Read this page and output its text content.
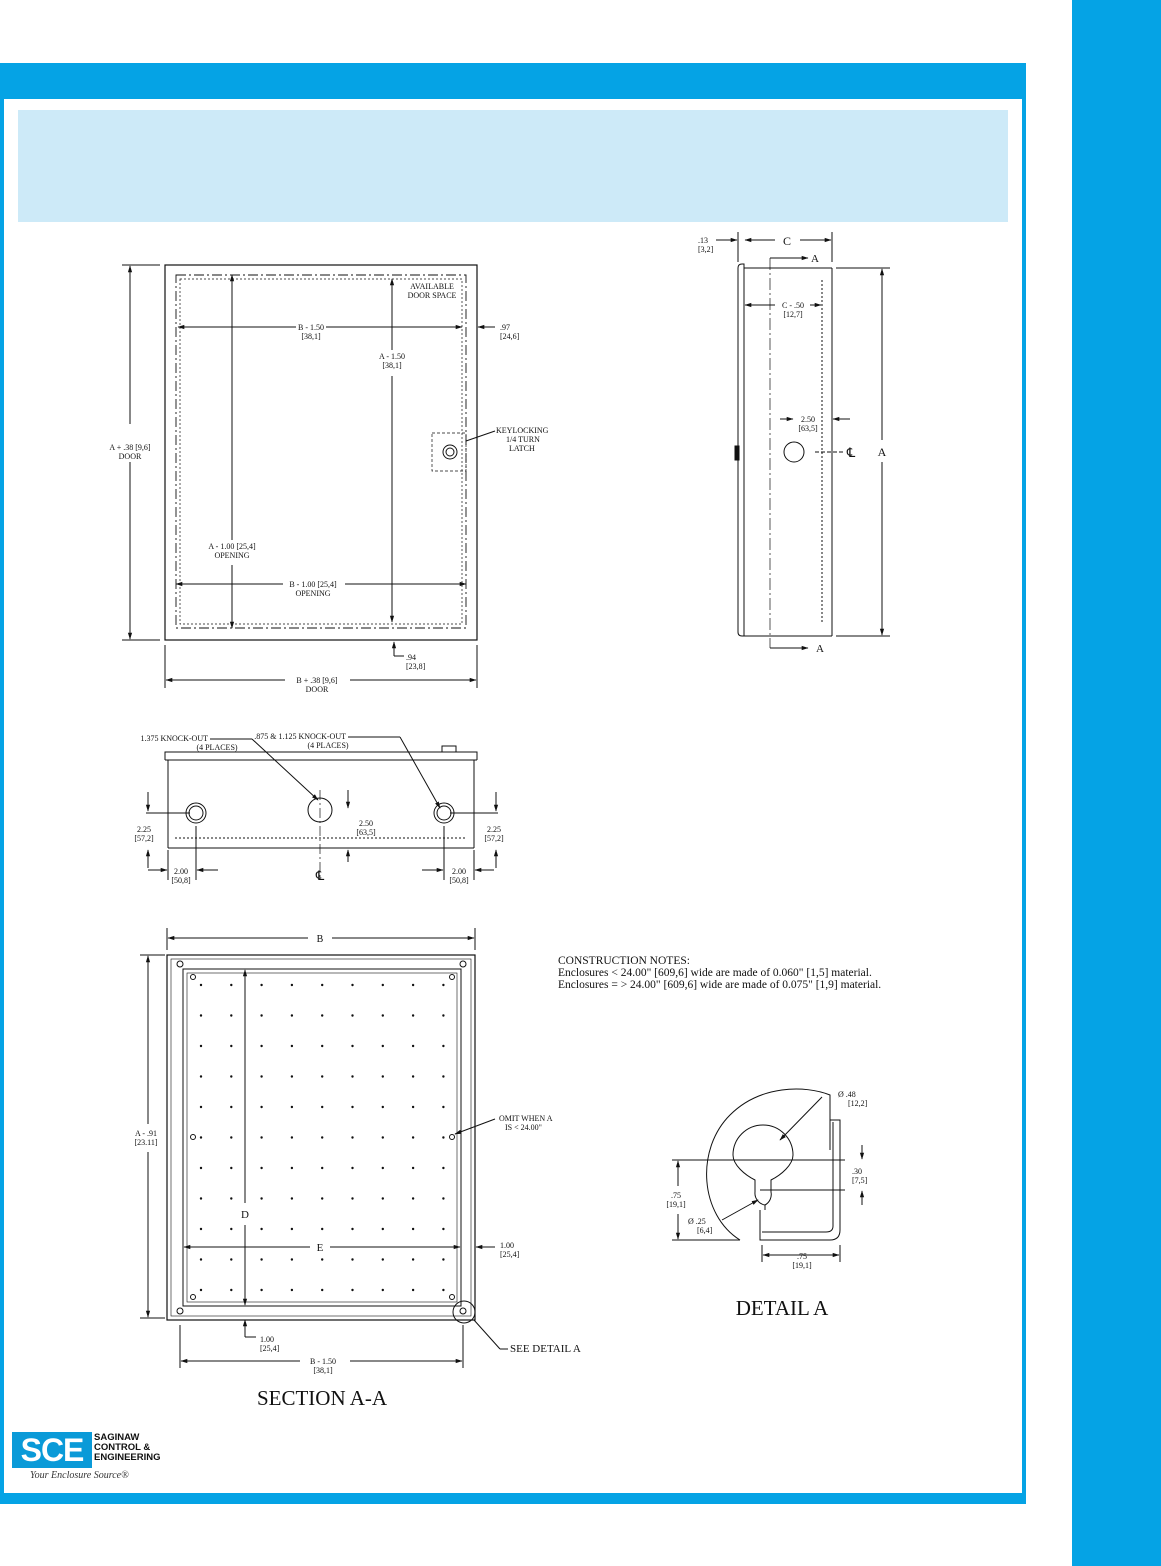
AVAILABLE
DOOR SPACE
B - 1.50
[38,1]
.97
[24,6]
A - 1.50
[38,1]
KEYLOCKING
1/4 TURN
LATCH
A + .38 [9,6]
DOOR
A - 1.00 [25,4]
OPENING
B - 1.00 [25,4]
OPENING
.94
[23,8]
B + .38 [9,6]
DOOR
.13
[3,2]
C
A
C - .50
[12,7]
2.50
[63,5]
℄ A
A
1.375 KNOCK-OUT
(4 PLACES)
.875 & 1.125 KNOCK-OUT
(4 PLACES)
2.25
[57,2]
2.50
[63,5]	2.25
[57,2]
2.00
[50,8]	℄	2.00
[50,8]
B
A - .91
[23.11]
OMIT WHEN A
IS < 24.00"
D
E	1.00
[25,4]
1.00
[25,4]
B - 1.50
[38,1]
SEE DETAIL A
SECTION A-A
Ø .48
[12,2]
.30
[7,5]
.75
[19,1]
Ø .25
[6,4]
.75
[19,1]
DETAIL A
CONSTRUCTION NOTES:
Enclosures < 24.00" [609,6] wide are made of 0.060" [1,5] material.
Enclosures = > 24.00" [609,6] wide are made of 0.075" [1,9] material.
SCE	SAGINAW
CONTROL &
ENGINEERING
Your Enclosure Source®
